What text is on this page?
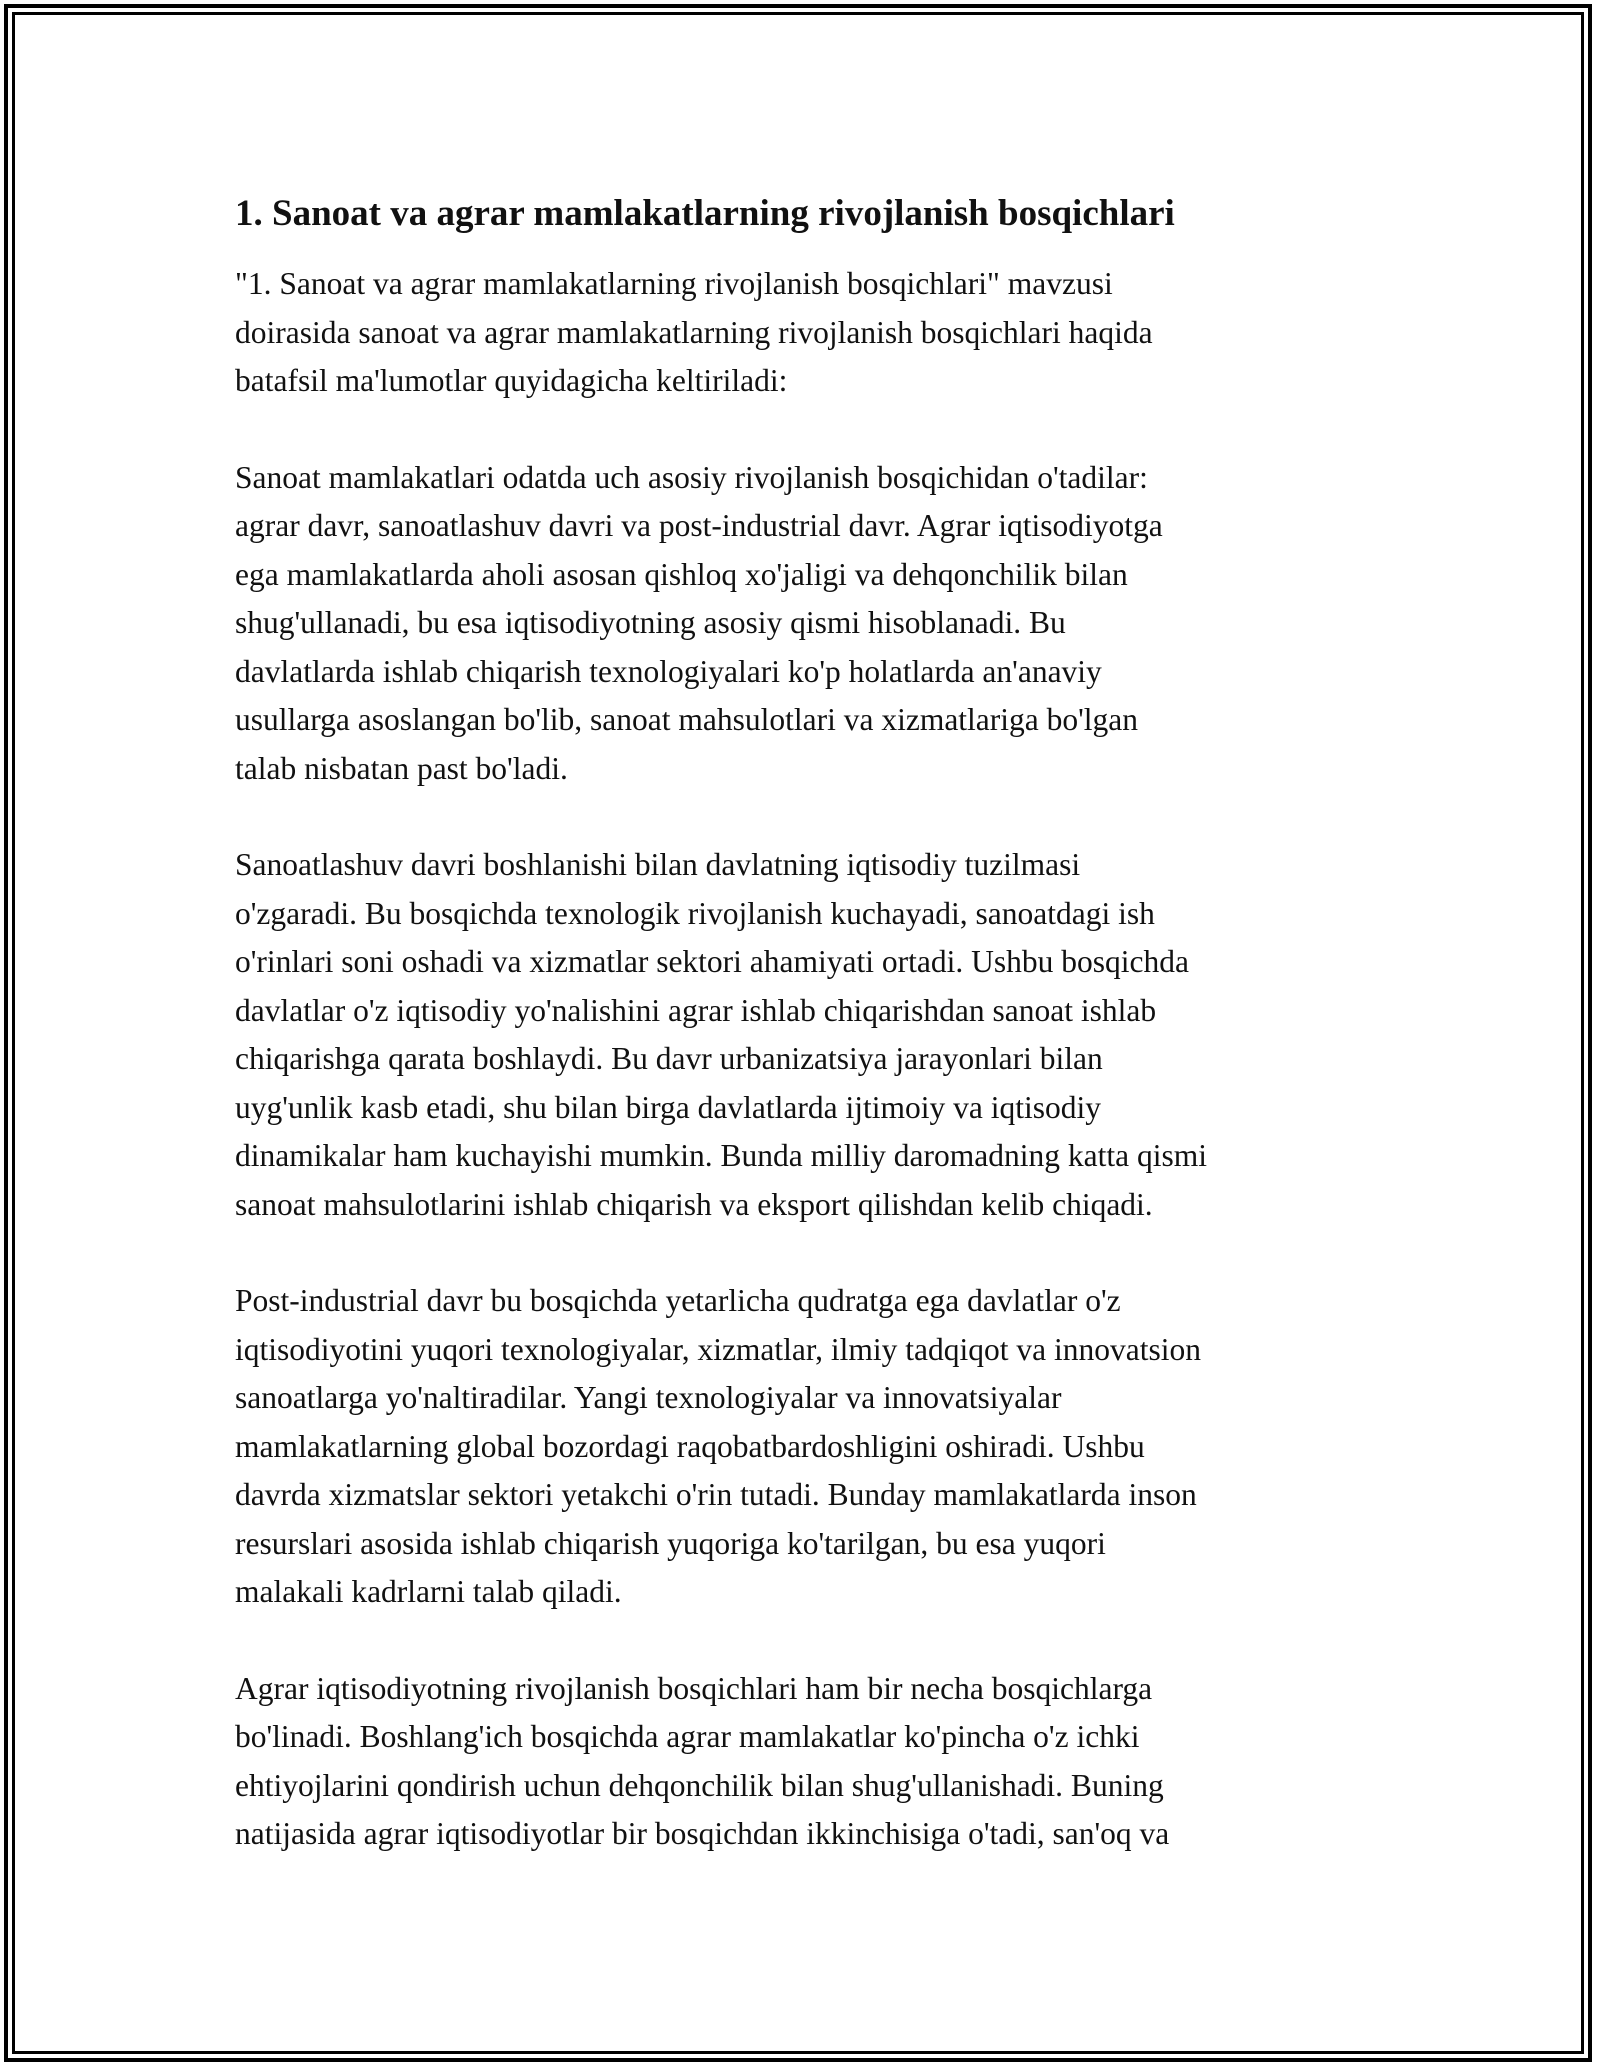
1. Sanoat va agrar mamlakatlarning rivojlanish bosqichlari
"1. Sanoat va agrar mamlakatlarning rivojlanish bosqichlari" mavzusi
doirasida sanoat va agrar mamlakatlarning rivojlanish bosqichlari haqida
batafsil ma'lumotlar quyidagicha keltiriladi:
Sanoat mamlakatlari odatda uch asosiy rivojlanish bosqichidan o'tadilar:
agrar davr, sanoatlashuv davri va post-industrial davr. Agrar iqtisodiyotga
ega mamlakatlarda aholi asosan qishloq xo'jaligi va dehqonchilik bilan
shug'ullanadi, bu esa iqtisodiyotning asosiy qismi hisoblanadi. Bu
davlatlarda ishlab chiqarish texnologiyalari ko'p holatlarda an'anaviy
usullarga asoslangan bo'lib, sanoat mahsulotlari va xizmatlariga bo'lgan
talab nisbatan past bo'ladi.
Sanoatlashuv davri boshlanishi bilan davlatning iqtisodiy tuzilmasi
o'zgaradi. Bu bosqichda texnologik rivojlanish kuchayadi, sanoatdagi ish
o'rinlari soni oshadi va xizmatlar sektori ahamiyati ortadi. Ushbu bosqichda
davlatlar o'z iqtisodiy yo'nalishini agrar ishlab chiqarishdan sanoat ishlab
chiqarishga qarata boshlaydi. Bu davr urbanizatsiya jarayonlari bilan
uyg'unlik kasb etadi, shu bilan birga davlatlarda ijtimoiy va iqtisodiy
dinamikalar ham kuchayishi mumkin. Bunda milliy daromadning katta qismi
sanoat mahsulotlarini ishlab chiqarish va eksport qilishdan kelib chiqadi.
Post-industrial davr bu bosqichda yetarlicha qudratga ega davlatlar o'z
iqtisodiyotini yuqori texnologiyalar, xizmatlar, ilmiy tadqiqot va innovatsion
sanoatlarga yo'naltiradilar. Yangi texnologiyalar va innovatsiyalar
mamlakatlarning global bozordagi raqobatbardoshligini oshiradi. Ushbu
davrda xizmatslar sektori yetakchi o'rin tutadi. Bunday mamlakatlarda inson
resurslari asosida ishlab chiqarish yuqoriga ko'tarilgan, bu esa yuqori
malakali kadrlarni talab qiladi.
Agrar iqtisodiyotning rivojlanish bosqichlari ham bir necha bosqichlarga
bo'linadi. Boshlang'ich bosqichda agrar mamlakatlar ko'pincha o'z ichki
ehtiyojlarini qondirish uchun dehqonchilik bilan shug'ullanishadi. Buning
natijasida agrar iqtisodiyotlar bir bosqichdan ikkinchisiga o'tadi, san'oq va
